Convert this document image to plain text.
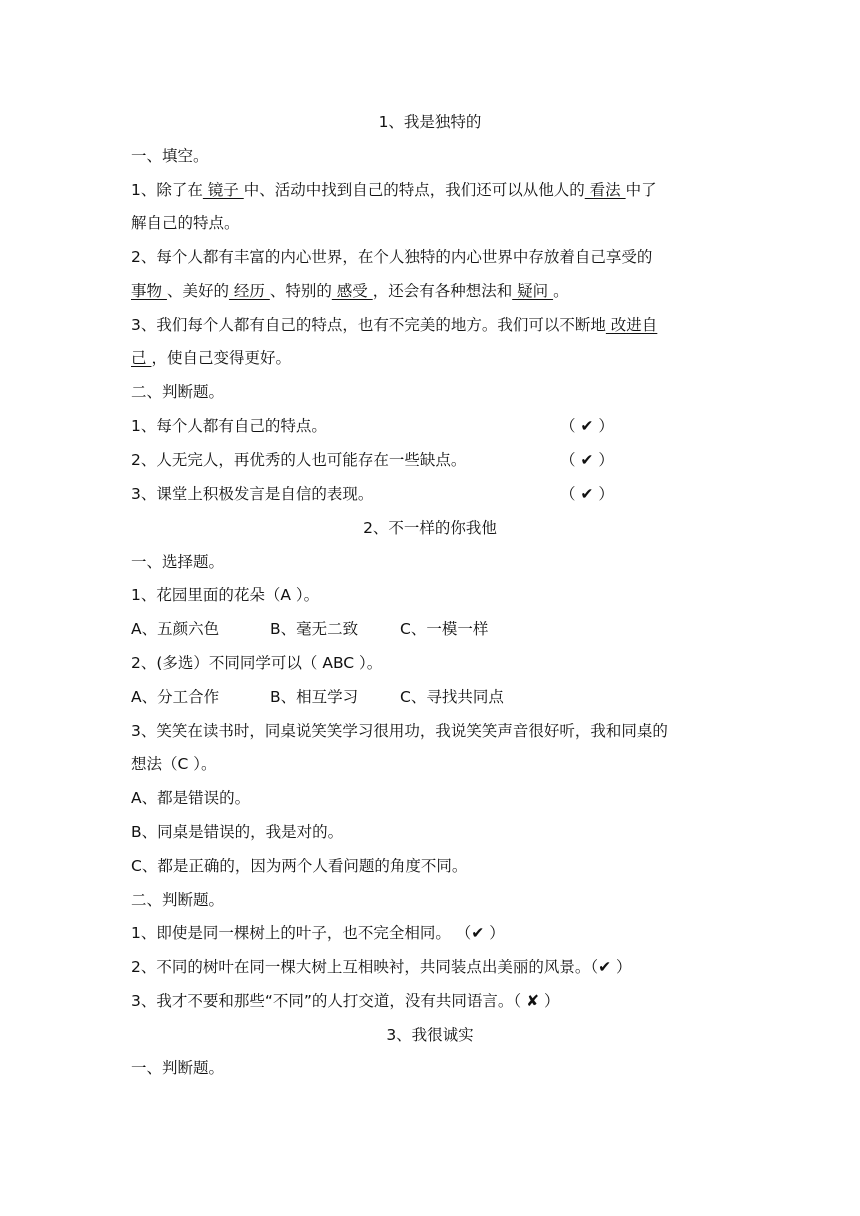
1、我是独特的
一、填空。
1、除了在 镜子 中、活动中找到自己的特点，我们还可以从他人的 看法 中了
解自己的特点。
2、每个人都有丰富的内心世界，在个人独特的内心世界中存放着自己享受的
事物 、美好的 经历 、特别的 感受 ，还会有各种想法和 疑问 。
3、我们每个人都有自己的特点，也有不完美的地方。我们可以不断地 改进自
己 ，使自己变得更好。
二、判断题。
1、每个人都有自己的特点。	（ ✔ ）
2、人无完人，再优秀的人也可能存在一些缺点。	（ ✔ ）
3、课堂上积极发言是自信的表现。	（ ✔ ）
2、不一样的你我他
一、选择题。
1、花园里面的花朵（A ）。
A、五颜六色	B、毫无二致	C、一模一样
2、(多选）不同同学可以（ ABC ）。
A、分工合作	B、相互学习	C、寻找共同点
3、笑笑在读书时，同桌说笑笑学习很用功，我说笑笑声音很好听，我和同桌的
想法（C ）。
A、都是错误的。
B、同桌是错误的，我是对的。
C、都是正确的，因为两个人看问题的角度不同。
二、判断题。
1、即使是同一棵树上的叶子，也不完全相同。 （✔ ）
2、不同的树叶在同一棵大树上互相映衬，共同装点出美丽的风景。（✔ ）
3、我才不要和那些“不同”的人打交道，没有共同语言。（ ✘ ）
3、我很诚实
一、判断题。
